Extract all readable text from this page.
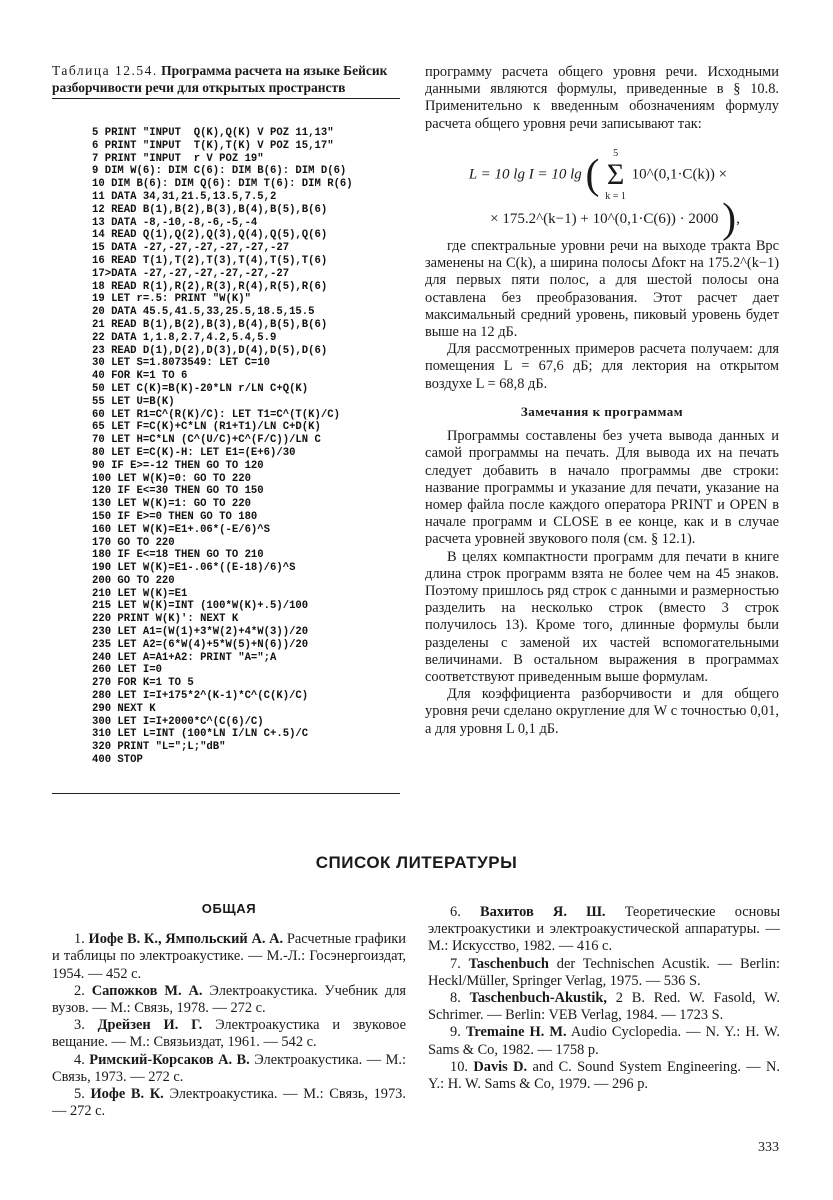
Таблица 12.54. Программа расчета на языке Бейсик разборчивости речи для открытых пространств
5 PRINT "INPUT  Q(K),Q(K) V POZ 11,13"
6 PRINT "INPUT  T(K),T(K) V POZ 15,17"
7 PRINT "INPUT  r V POZ 19"
9 DIM W(6): DIM C(6): DIM B(6): DIM D(6)
10 DIM B(6): DIM Q(6): DIM T(6): DIM R(6)
11 DATA 34,31,21.5,13.5,7.5,2
12 READ B(1),B(2),B(3),B(4),B(5),B(6)
13 DATA -8,-10,-8,-6,-5,-4
14 READ Q(1),Q(2),Q(3),Q(4),Q(5),Q(6)
15 DATA -27,-27,-27,-27,-27,-27
16 READ T(1),T(2),T(3),T(4),T(5),T(6)
17>DATA -27,-27,-27,-27,-27,-27
18 READ R(1),R(2),R(3),R(4),R(5),R(6)
19 LET r=.5: PRINT "W(K)"
20 DATA 45.5,41.5,33,25.5,18.5,15.5
21 READ B(1),B(2),B(3),B(4),B(5),B(6)
22 DATA 1,1.8,2.7,4.2,5.4,5.9
23 READ D(1),D(2),D(3),D(4),D(5),D(6)
30 LET S=1.8073549: LET C=10
40 FOR K=1 TO 6
50 LET C(K)=B(K)-20*LN r/LN C+Q(K)
55 LET U=B(K)
60 LET R1=C^(R(K)/C): LET T1=C^(T(K)/C)
65 LET F=C(K)+C*LN (R1+T1)/LN C+D(K)
70 LET H=C*LN (C^(U/C)+C^(F/C))/LN C
80 LET E=C(K)-H: LET E1=(E+6)/30
90 IF E>=-12 THEN GO TO 120
100 LET W(K)=0: GO TO 220
120 IF E<=30 THEN GO TO 150
130 LET W(K)=1: GO TO 220
150 IF E>=0 THEN GO TO 180
160 LET W(K)=E1+.06*(-E/6)^S
170 GO TO 220
180 IF E<=18 THEN GO TO 210
190 LET W(K)=E1-.06*((E-18)/6)^S
200 GO TO 220
210 LET W(K)=E1
215 LET W(K)=INT (100*W(K)+.5)/100
220 PRINT W(K)': NEXT K
230 LET A1=(W(1)+3*W(2)+4*W(3))/20
235 LET A2=(6*W(4)+5*W(5)+N(6))/20
240 LET A=A1+A2: PRINT "A=";A
260 LET I=0
270 FOR K=1 TO 5
280 LET I=I+175*2^(K-1)*C^(C(K)/C)
290 NEXT K
300 LET I=I+2000*C^(C(6)/C)
310 LET L=INT (100*LN I/LN C+.5)/C
320 PRINT "L=";L;"dB"
400 STOP

программу расчета общего уровня речи. Исходными данными являются формулы, приведенные в § 10.8. Применительно к введенным обозначениям формулу расчета общего уровня речи записывают так:

L = 10 lg I = 10 lg (	5
Σ
k = 1
10^(0,1·C(k)) ×
× 175.2^(k−1) + 10^(0,1·C(6)) · 2000 ),

где спектральные уровни речи на выходе тракта Bpc заменены на C(k), а ширина полосы Δfокт на 175.2^(k−1) для первых пяти полос, а для шестой полосы она оставлена без преобразования. Этот расчет дает максимальный средний уровень, пиковый уровень будет выше на 12 дБ.

Для рассмотренных примеров расчета получаем: для помещения L = 67,6 дБ; для лектория на открытом воздухе L = 68,8 дБ.

Замечания к программам

Программы составлены без учета вывода данных и самой программы на печать. Для вывода их на печать следует добавить в начало программы две строки: название программы и указание для печати, указание на номер файла после каждого оператора PRINT и OPEN в начале программ и CLOSE в ее конце, как и в случае расчета уровней звукового поля (см. § 12.1).

В целях компактности программ для печати в книге длина строк программ взята не более чем на 45 знаков. Поэтому пришлось ряд строк с данными и размерностью разделить на несколько строк (вместо 3 строк получилось 13). Кроме того, длинные формулы были разделены с заменой их частей вспомогательными величинами. В остальном выражения в программах соответствуют приведенным выше формулам.

Для коэффициента разборчивости и для общего уровня речи сделано округление для W с точностью 0,01, а для уровня L 0,1 дБ.

СПИСОК ЛИТЕРАТУРЫ
ОБЩАЯ

1. Иофе В. К., Ямпольский А. А. Расчетные графики и таблицы по электроакустике. — М.-Л.: Госэнергоиздат, 1954. — 452 с.

2. Сапожков М. А. Электроакустика. Учебник для вузов. — М.: Связь, 1978. — 272 с.

3. Дрейзен И. Г. Электроакустика и звуковое вещание. — М.: Связьиздат, 1961. — 542 с.

4. Римский-Корсаков А. В. Электроакустика. — М.: Связь, 1973. — 272 с.

5. Иофе В. К. Электроакустика. — М.: Связь, 1973. — 272 с.

6. Вахитов Я. Ш. Теоретические основы электроакустики и электроакустической аппаратуры. — М.: Искусство, 1982. — 416 с.

7. Taschenbuch der Technischen Acustik. — Berlin: Heckl/Müller, Springer Verlag, 1975. — 536 S.

8. Taschenbuch-Akustik, 2 B. Red. W. Fasold, W. Schrimer. — Berlin: VEB Verlag, 1984. — 1723 S.

9. Tremaine H. M. Audio Cyclopedia. — N. Y.: H. W. Sams & Co, 1982. — 1758 p.

10. Davis D. and C. Sound System Engineering. — N. Y.: H. W. Sams & Co, 1979. — 296 p.

333
